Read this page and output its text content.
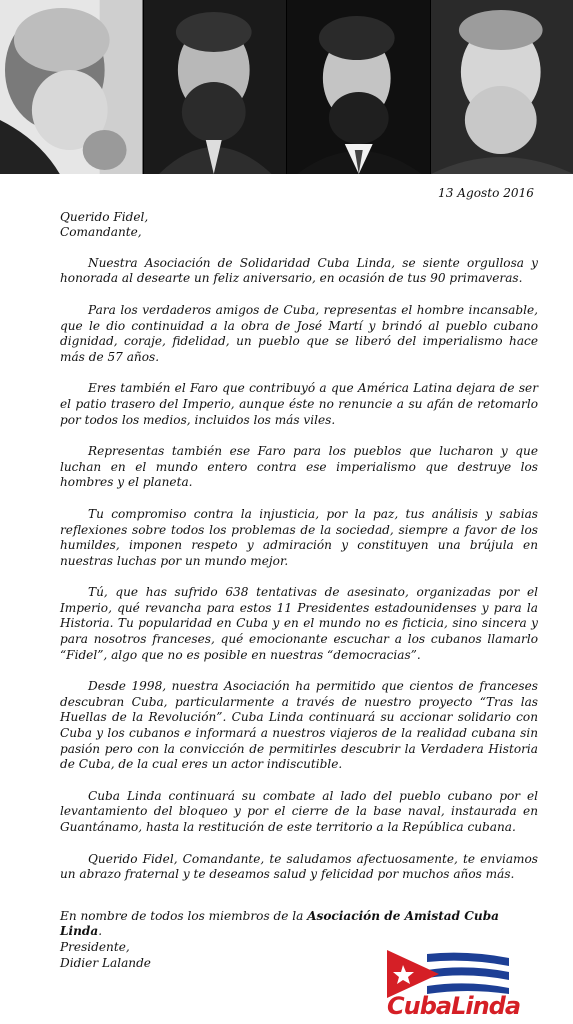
13 Agosto 2016
Querido Fidel,
Comandante,

Nuestra Asociación de Solidaridad Cuba Linda, se siente orgullosa y honorada al desearte un feliz aniversario, en ocasión de tus 90 primaveras.

Para los verdaderos amigos de Cuba, representas el hombre incansable, que le dio continuidad a la obra de José Martí y brindó al pueblo cubano dignidad, coraje, fidelidad, un pueblo que se liberó del imperialismo hace más de 57 años.

Eres también el Faro que contribuyó a que América Latina dejara de ser el patio trasero del Imperio, aunque éste no renuncie a su afán de retomarlo por todos los medios, incluidos los más viles.

Representas también ese Faro para los pueblos que lucharon y que luchan en el mundo entero contra ese imperialismo que destruye los hombres y el planeta.

Tu compromiso contra la injusticia, por la paz, tus análisis y sabias reflexiones sobre todos los problemas de la sociedad, siempre a favor de los humildes, imponen respeto y admiración y constituyen una brújula en nuestras luchas por un mundo mejor.

Tú, que has sufrido 638 tentativas de asesinato, organizadas por el Imperio, qué revancha para estos 11 Presidentes estadounidenses y para la Historia. Tu popularidad en Cuba y en el mundo no es ficticia, sino sincera y para nosotros franceses, qué emocionante escuchar a los cubanos llamarlo “Fidel”, algo que no es posible en nuestras “democracias”.

Desde 1998, nuestra Asociación ha permitido que cientos de franceses descubran Cuba, particularmente a través de nuestro proyecto “Tras las Huellas de la Revolución”. Cuba Linda continuará su accionar solidario con Cuba y los cubanos e informará a nuestros viajeros de la realidad cubana sin pasión pero con la convicción de permitirles descubrir la Verdadera Historia de Cuba, de la cual eres un actor indiscutible.

Cuba Linda continuará su combate al lado del pueblo cubano por el levantamiento del bloqueo y por el cierre de la base naval, instaurada en Guantánamo, hasta la restitución de este territorio a la República cubana.

Querido Fidel, Comandante, te saludamos afectuosamente, te enviamos un abrazo fraternal y te deseamos salud y felicidad por muchos años más.

En nombre de todos los miembros de la Asociación de Amistad Cuba Linda.
Presidente,
Didier Lalande
CubaLinda
